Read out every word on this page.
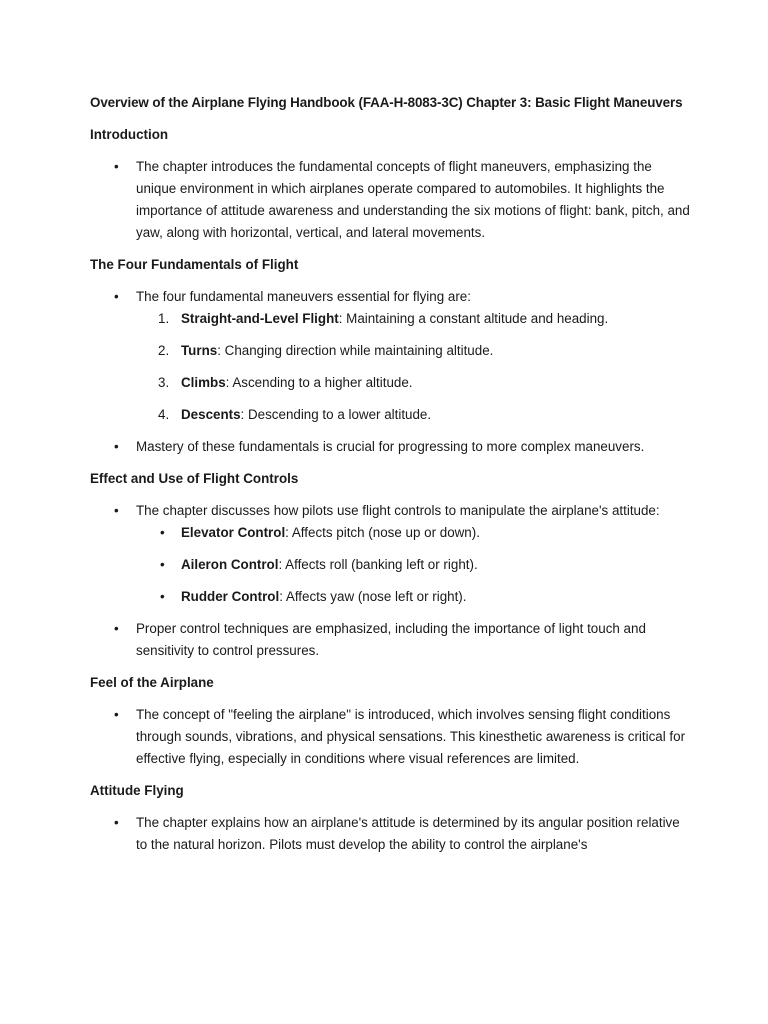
Overview of the Airplane Flying Handbook (FAA-H-8083-3C) Chapter 3: Basic Flight Maneuvers
Introduction
• The chapter introduces the fundamental concepts of flight maneuvers, emphasizing the unique environment in which airplanes operate compared to automobiles. It highlights the importance of attitude awareness and understanding the six motions of flight: bank, pitch, and yaw, along with horizontal, vertical, and lateral movements.
The Four Fundamentals of Flight
• The four fundamental maneuvers essential for flying are:
1. Straight-and-Level Flight: Maintaining a constant altitude and heading.
2. Turns: Changing direction while maintaining altitude.
3. Climbs: Ascending to a higher altitude.
4. Descents: Descending to a lower altitude.
• Mastery of these fundamentals is crucial for progressing to more complex maneuvers.
Effect and Use of Flight Controls
• The chapter discusses how pilots use flight controls to manipulate the airplane's attitude:
• Elevator Control: Affects pitch (nose up or down).
• Aileron Control: Affects roll (banking left or right).
• Rudder Control: Affects yaw (nose left or right).
• Proper control techniques are emphasized, including the importance of light touch and sensitivity to control pressures.
Feel of the Airplane
• The concept of "feeling the airplane" is introduced, which involves sensing flight conditions through sounds, vibrations, and physical sensations. This kinesthetic awareness is critical for effective flying, especially in conditions where visual references are limited.
Attitude Flying
• The chapter explains how an airplane's attitude is determined by its angular position relative to the natural horizon. Pilots must develop the ability to control the airplane's
